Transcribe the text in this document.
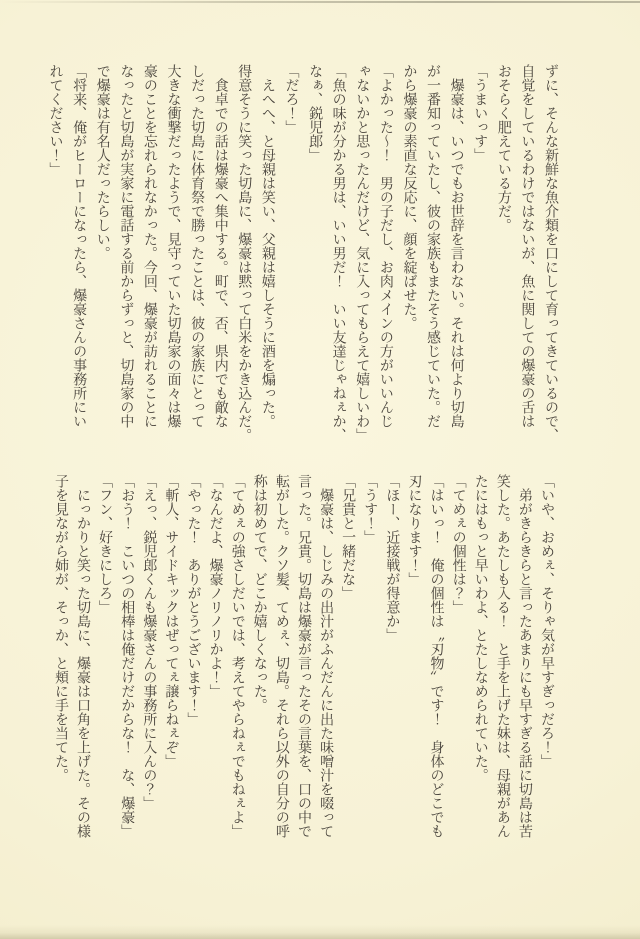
ずに、そんな新鮮な魚介類を口にして育ってきているので、
自覚をしているわけではないが、魚に関しての爆豪の舌は
おそらく肥えている方だ。
「うまいっす」
　爆豪は、いつでもお世辞を言わない。それは何より切島
が一番知っていたし、彼の家族もまたそう感じていた。だ
から爆豪の素直な反応に、顔を綻ばせた。
「よかった～！　男の子だし、お肉メインの方がいいんじ
ゃないかと思ったんだけど、気に入ってもらえて嬉しいわ」
「魚の味が分かる男は、いい男だ！　いい友達じゃねぇか、
なぁ、鋭児郎」
「だろ！」
　えへへ、と母親は笑い、父親は嬉しそうに酒を煽った。
得意そうに笑った切島に、爆豪は黙って白米をかき込んだ。
　食卓での話は爆豪へ集中する。町で、否、県内でも敵な
しだった切島に体育祭で勝ったことは、彼の家族にとって
大きな衝撃だったようで、見守っていた切島家の面々は爆
豪のことを忘れられなかった。今回、爆豪が訪れることに
なったと切島が実家に電話する前からずっと、切島家の中
で爆豪は有名人だったらしい。
「将来、俺がヒーローになったら、爆豪さんの事務所にい
れてください！」
「いや、おめぇ、そりゃ気が早すぎっだろ！」
　弟がきらきらと言ったあまりにも早すぎる話に切島は苦
笑した。あたしも入る！　と手を上げた妹は、母親があん
たにはもっと早いわよ、とたしなめられていた。
「てめぇの個性は？」
「はいっ！　俺の個性は〝刃物〟です！　身体のどこでも
刃になります！」
「ほー、近接戦が得意か」
「うす！」
「兄貴と一緒だな」
　爆豪は、しじみの出汁がふんだんに出た味噌汁を啜って
言った。兄貴。切島は爆豪が言ったその言葉を、口の中で
転がした。クソ髪、てめぇ、切島。それら以外の自分の呼
称は初めてで、どこか嬉しくなった。
「てめぇの強さしだいでは、考えてやらねぇでもねぇよ」
「なんだよ、爆豪ノリノリかよ！」
「やった！　ありがとうございます！」
「斬人、サイドキックはぜってぇ譲らねぇぞ」
「えっ、鋭児郎くんも爆豪さんの事務所に入んの？」
「おう！　こいつの相棒は俺だけだからな！　な、爆豪」
「フン、好きにしろ」
　にっかりと笑った切島に、爆豪は口角を上げた。その様
子を見ながら姉が、そっか、と頬に手を当てた。
